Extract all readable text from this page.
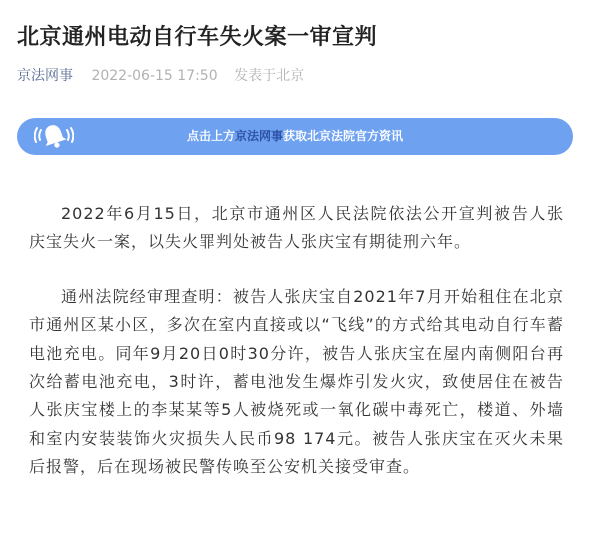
北京通州电动自行车失火案一审宣判
京法网事 2022-06-15 17:50 发表于北京
点击上方京法网事获取北京法院官方资讯

2022年6月15日，北京市通州区人民法院依法公开宣判被告人张庆宝失火一案，以失火罪判处被告人张庆宝有期徒刑六年。

通州法院经审理查明：被告人张庆宝自2021年7月开始租住在北京市通州区某小区，多次在室内直接或以“飞线”的方式给其电动自行车蓄电池充电。同年9月20日0时30分许，被告人张庆宝在屋内南侧阳台再次给蓄电池充电，3时许，蓄电池发生爆炸引发火灾，致使居住在被告人张庆宝楼上的李某某等5人被烧死或一氧化碳中毒死亡，楼道、外墙和室内安装装饰火灾损失人民币98 174元。被告人张庆宝在灭火未果后报警，后在现场被民警传唤至公安机关接受审查。
